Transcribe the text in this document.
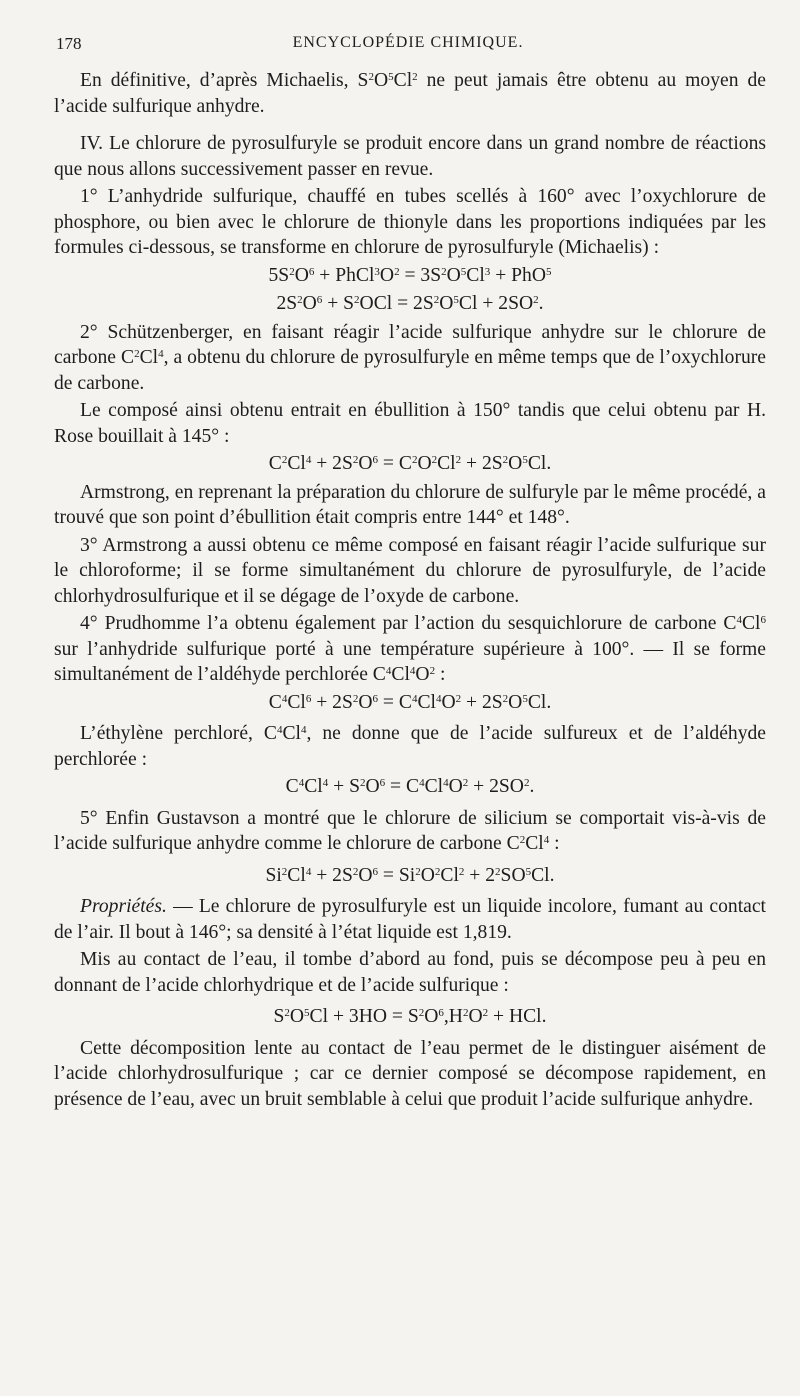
178	ENCYCLOPÉDIE CHIMIQUE.

En définitive, d’après Michaelis, $S^2O^5Cl^2$ ne peut jamais être obtenu au moyen de l’acide sulfurique anhydre.

IV. Le chlorure de pyrosulfuryle se produit encore dans un grand nombre de réactions que nous allons successivement passer en revue.

1° L’anhydride sulfurique, chauffé en tubes scellés à 160° avec l’oxychlorure de phosphore, ou bien avec le chlorure de thionyle dans les proportions indiquées par les formules ci-dessous, se transforme en chlorure de pyrosulfuryle (Michaelis) :

$5S^2O^6$ + $PhCl^3O^2 = 3S^2O^5Cl^3 + PhO^5$

$2S^2O^6 + S^2OCl = 2S^2O^5Cl + 2SO^2$.

2° Schützenberger, en faisant réagir l’acide sulfurique anhydre sur le chlorure de carbone $C^2Cl^4$, a obtenu du chlorure de pyrosulfuryle en même temps que de l’oxychlorure de carbone.

Le composé ainsi obtenu entrait en ébullition à 150° tandis que celui obtenu par H. Rose bouillait à 145° :

$C^2Cl^4 + 2S^2O^6 = C^2O^2Cl^2 + 2S^2O^5Cl$.

Armstrong, en reprenant la préparation du chlorure de sulfuryle par le même procédé, a trouvé que son point d’ébullition était compris entre 144° et 148°.

3° Armstrong a aussi obtenu ce même composé en faisant réagir l’acide sulfurique sur le chloroforme; il se forme simultanément du chlorure de pyrosulfuryle, de l’acide chlorhydrosulfurique et il se dégage de l’oxyde de carbone.

4° Prudhomme l’a obtenu également par l’action du sesquichlorure de carbone $C^4Cl^6$ sur l’anhydride sulfurique porté à une température supérieure à 100°. — Il se forme simultanément de l’aldéhyde perchlorée $C^4Cl^4O^2$ :

$C^4Cl^6 + 2S^2O^6 = C^4Cl^4O^2 + 2S^2O^5Cl$.

L’éthylène perchloré, $C^4Cl^4$, ne donne que de l’acide sulfureux et de l’aldéhyde perchlorée :

$C^4Cl^4 + S^2O^6 = C^4Cl^4O^2 + 2SO^2$.

5° Enfin Gustavson a montré que le chlorure de silicium se comportait vis-à-vis de l’acide sulfurique anhydre comme le chlorure de carbone $C^2Cl^4$ :

$Si^2Cl^4 + 2S^2O^6 = Si^2O^2Cl^2 + 2^2SO^5Cl$.

Propriétés. — Le chlorure de pyrosulfuryle est un liquide incolore, fumant au contact de l’air. Il bout à 146°; sa densité à l’état liquide est 1,819.

Mis au contact de l’eau, il tombe d’abord au fond, puis se décompose peu à peu en donnant de l’acide chlorhydrique et de l’acide sulfurique :

$S^2O^5Cl + 3HO = S^2O^6,H^2O^2$ + HCl.

Cette décomposition lente au contact de l’eau permet de le distinguer aisément de l’acide chlorhydrosulfurique ; car ce dernier composé se décompose rapidement, en présence de l’eau, avec un bruit semblable à celui que produit l’acide sulfurique anhydre.
